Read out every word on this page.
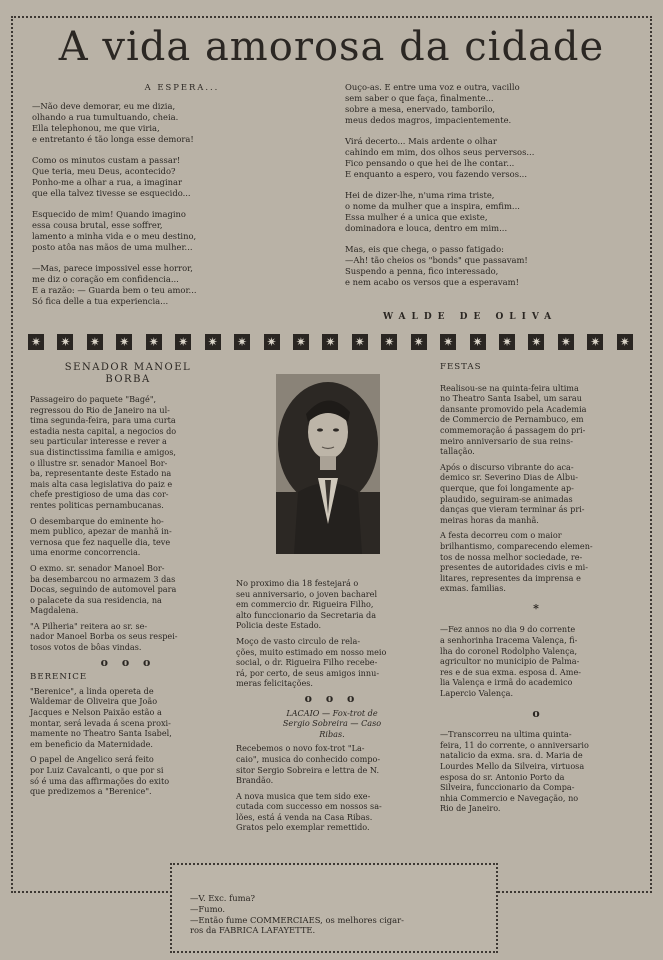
A vida amorosa da cidade
A ESPERA...

—Não deve demorar, eu me dizia,
olhando a rua tumultuando, cheia.
Ella telephonou, me que viria,
e entretanto é tão longa esse demora!

Como os minutos custam a passar!
Que teria, meu Deus, acontecido?
Ponho-me a olhar a rua, a imaginar
que ella talvez tivesse se esquecido...

Esquecido de mim! Quando imagino
essa cousa brutal, esse soffrer,
lamento a minha vida e o meu destino,
posto atôa nas mãos de uma mulher...

—Mas, parece impossivel esse horror,
me diz o coração em confidencia...
E a razão: — Guarda bem o teu amor...
Só fica delle a tua experiencia...

Ouço-as. E entre uma voz e outra, vacillo
sem saber o que faça, finalmente...
sobre a mesa, enervado, tamborilo,
meus dedos magros, impacientemente.

Virá decerto... Mais ardente o olhar
cahindo em mim, dos olhos seus perversos...
Fico pensando o que hei de lhe contar...
E enquanto a espero, vou fazendo versos...

Hei de dizer-lhe, n'uma rima triste,
o nome da mulher que a inspira, emfim...
Essa mulher é a unica que existe,
dominadora e louca, dentro em mim...

Mas, eis que chega, o passo fatigado:
—Ah! tão cheios os "bonds" que passavam!
Suspendo a penna, fico interessado,
e nem acabo os versos que a esperavam!

WALDE DE OLIVA
✷ ✷ ✷ ✷ ✷ ✷ ✷ ✷ ✷ ✷ ✷ ✷ ✷ ✷ ✷ ✷ ✷ ✷ ✷ ✷ ✷
SENADOR MANOEL
BORBA

Passageiro do paquete "Bagé",
regressou do Rio de Janeiro na ul-
tima segunda-feira, para uma curta
estadia nesta capital, a negocios do
seu particular interesse e rever a
sua distinctissima familia e amigos,
o illustre sr. senador Manoel Bor-
ba, representante deste Estado na
mais alta casa legislativa do paiz e
chefe prestigioso de uma das cor-
rentes politicas pernambucanas.

O desembarque do eminente ho-
mem publico, apezar de manhã in-
vernosa que fez naquelle dia, teve
uma enorme concorrencia.

O exmo. sr. senador Manoel Bor-
ba desembarcou no armazem 3 das
Docas, seguindo de automovel para
o palacete da sua residencia, na
Magdalena.

"A Pilheria" reitera ao sr. se-
nador Manoel Borba os seus respei-
tosos votos de bôas vindas.

o o o
BERENICE

"Berenice", a linda opereta de
Waldemar de Oliveira que João
Jacques e Nelson Paixão estão a
montar, será levada á scena proxi-
mamente no Theatro Santa Isabel,
em beneficio da Maternidade.

O papel de Angelico será feito
por Luiz Cavalcanti, o que por si
só é uma das affirmações do exito
que predizemos a "Berenice".

No proximo dia 18 festejará o
seu anniversario, o joven bacharel
em commercio dr. Rigueira Filho,
alto funccionario da Secretaria da
Policia deste Estado.

Moço de vasto circulo de rela-
ções, muito estimado em nosso meio
social, o dr. Rigueira Filho recebe-
rá, por certo, de seus amigos innu-
meras felicitações.

o o o
LACAIO — Fox-trot de
Sergio Sobreira — Caso
Ribas.

Recebemos o novo fox-trot "La-
caio", musica do conhecido compo-
sitor Sergio Sobreira e lettra de N.
Brandão.

A nova musica que tem sido exe-
cutada com successo em nossos sa-
lões, está á venda na Casa Ribas.
Gratos pelo exemplar remettido.

FESTAS

Realisou-se na quinta-feira ultima
no Theatro Santa Isabel, um sarau
dansante promovido pela Academia
de Commercio de Pernambuco, em
commemoração á passagem do pri-
meiro anniversario de sua reins-
tallação.

Após o discurso vibrante do aca-
demico sr. Severino Dias de Albu-
querque, que foi longamente ap-
plaudido, seguiram-se animadas
danças que vieram terminar ás pri-
meiras horas da manhã.

A festa decorreu com o maior
brilhantismo, comparecendo elemen-
tos de nossa melhor sociedade, re-
presentes de autoridades civis e mi-
litares, representes da imprensa e
exmas. familias.

*

—Fez annos no dia 9 do corrente
a senhorinha Iracema Valença, fi-
lha do coronel Rodolpho Valença,
agricultor no municipio de Palma-
res e de sua exma. esposa d. Ame-
lia Valença e irmã do academico
Lapercio Valença.

o

—Transcorreu na ultima quinta-
feira, 11 do corrente, o anniversario
natalicio da exma. sra. d. Maria de
Lourdes Mello da Silveira, virtuosa
esposa do sr. Antonio Porto da
Silveira, funccionario da Compa-
nhia Commercio e Navegação, no
Rio de Janeiro.

—V. Exc. fuma?
—Fumo.
—Então fume COMMERCIAES, os melhores cigar-
ros da FABRICA LAFAYETTE.
